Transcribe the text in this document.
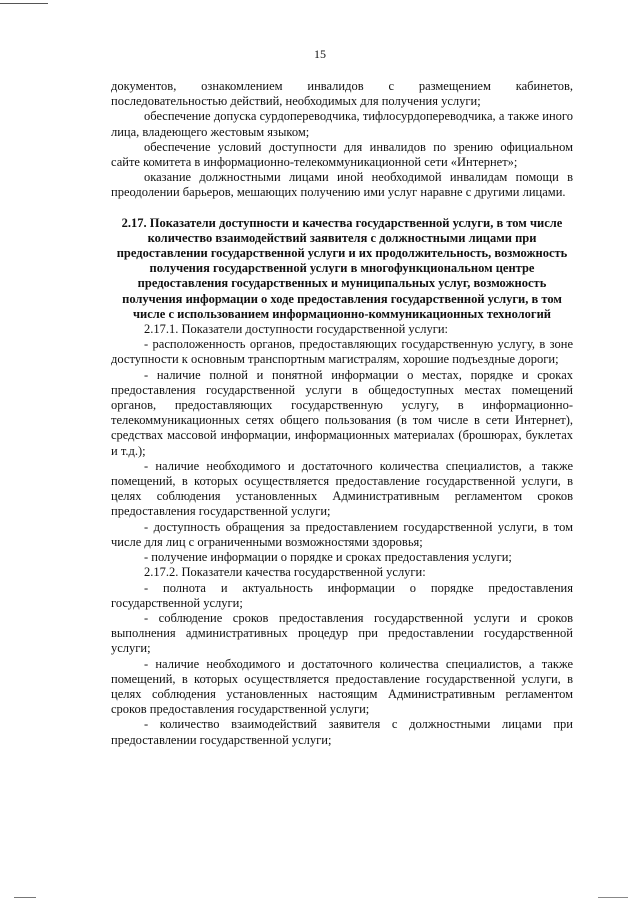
15

документов, ознакомлением инвалидов с размещением кабинетов, последовательностью действий, необходимых для получения услуги;

обеспечение допуска сурдопереводчика, тифлосурдопереводчика, а также иного лица, владеющего жестовым языком;

обеспечение условий доступности для инвалидов по зрению официальном сайте комитета в информационно-телекоммуникационной сети «Интернет»;

оказание должностными лицами иной необходимой инвалидам помощи в преодолении барьеров, мешающих получению ими услуг наравне с другими лицами.

2.17. Показатели доступности и качества государственной услуги, в том числе количество взаимодействий заявителя с должностными лицами при предоставлении государственной услуги и их продолжительность, возможность получения государственной услуги в многофункциональном центре предоставления государственных и муниципальных услуг, возможность получения информации о ходе предоставления государственной услуги, в том числе с использованием информационно-коммуникационных технологий

2.17.1. Показатели доступности государственной услуги:

- расположенность органов, предоставляющих государственную услугу, в зоне доступности к основным транспортным магистралям, хорошие подъездные дороги;

- наличие полной и понятной информации о местах, порядке и сроках предоставления государственной услуги в общедоступных местах помещений органов, предоставляющих государственную услугу, в информационно-телекоммуникационных сетях общего пользования (в том числе в сети Интернет), средствах массовой информации, информационных материалах (брошюрах, буклетах и т.д.);

- наличие необходимого и достаточного количества специалистов, а также помещений, в которых осуществляется предоставление государственной услуги, в целях соблюдения установленных Административным регламентом сроков предоставления государственной услуги;

- доступность обращения за предоставлением государственной услуги, в том числе для лиц с ограниченными возможностями здоровья;

- получение информации о порядке и сроках предоставления услуги;

2.17.2. Показатели качества государственной услуги:

- полнота и актуальность информации о порядке предоставления государственной услуги;

- соблюдение сроков предоставления государственной услуги и сроков выполнения административных процедур при предоставлении государственной услуги;

- наличие необходимого и достаточного количества специалистов, а также помещений, в которых осуществляется предоставление государственной услуги, в целях соблюдения установленных настоящим Административным регламентом сроков предоставления государственной услуги;

- количество взаимодействий заявителя с должностными лицами при предоставлении государственной услуги;
